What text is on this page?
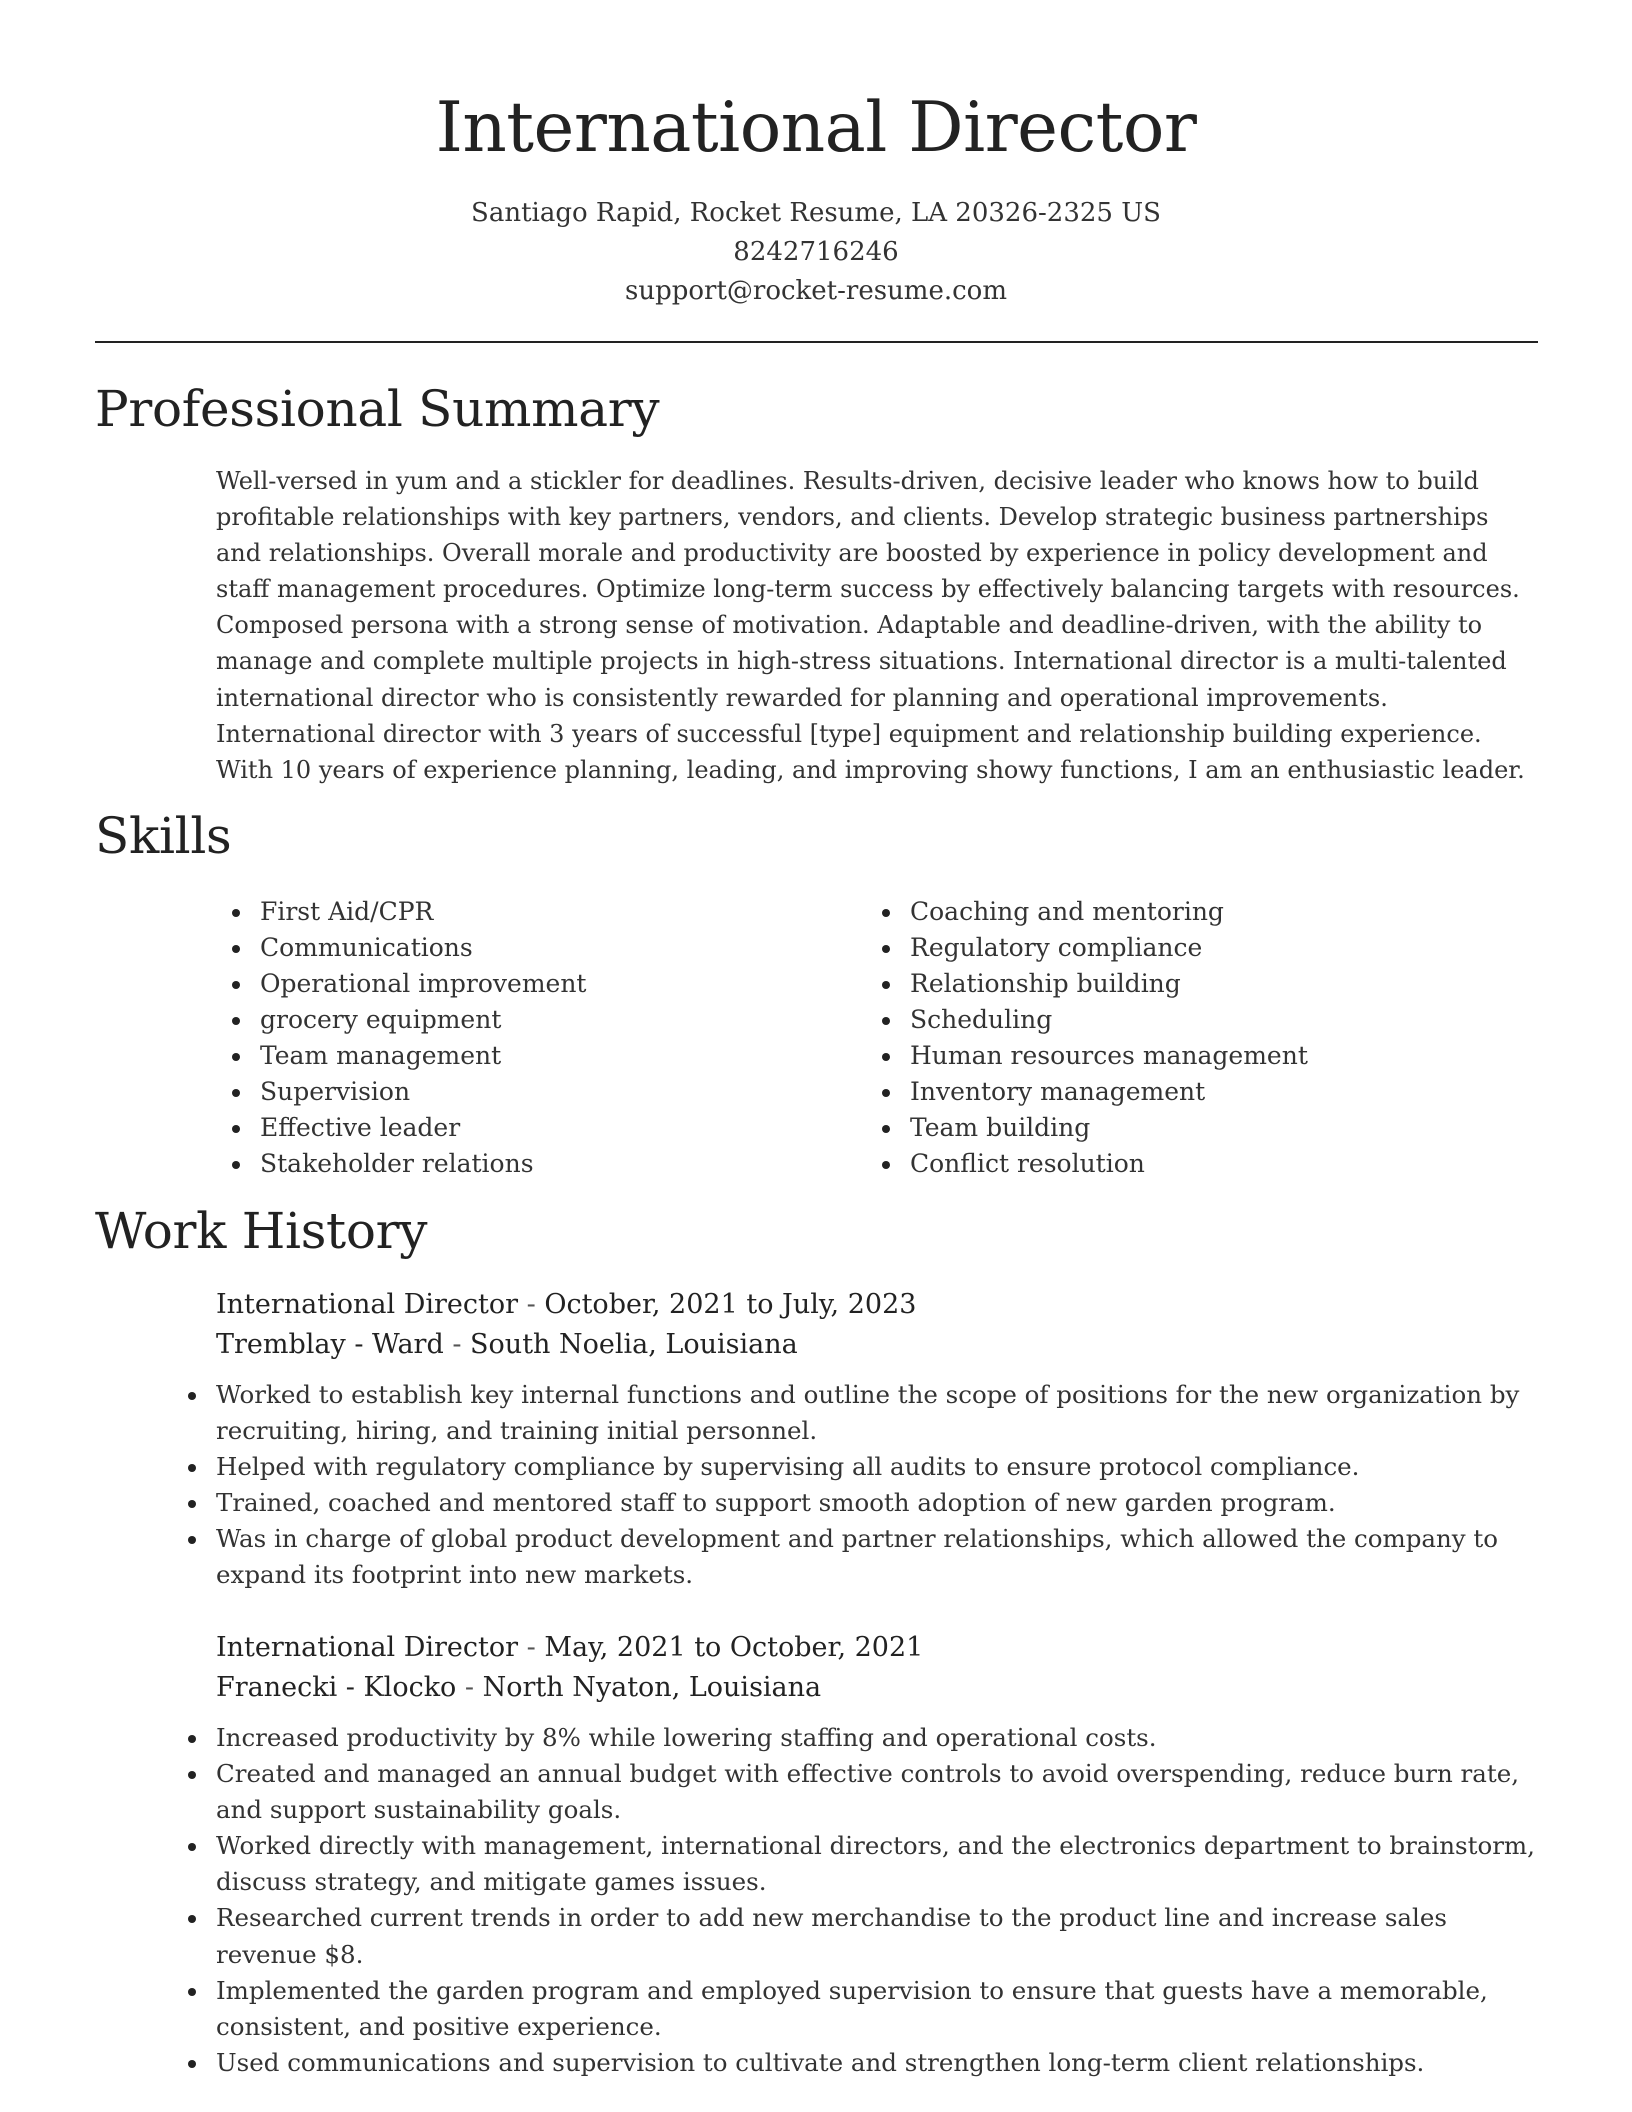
International Director
Santiago Rapid, Rocket Resume, LA 20326-2325 US
8242716246
support@rocket-resume.com
Professional Summary
Well-versed in yum and a stickler for deadlines. Results-driven, decisive leader who knows how to build profitable relationships with key partners, vendors, and clients. Develop strategic business partnerships and relationships. Overall morale and productivity are boosted by experience in policy development and staff management procedures. Optimize long-term success by effectively balancing targets with resources. Composed persona with a strong sense of motivation. Adaptable and deadline-driven, with the ability to manage and complete multiple projects in high-stress situations. International director is a multi-talented international director who is consistently rewarded for planning and operational improvements. International director with 3 years of successful [type] equipment and relationship building experience. With 10 years of experience planning, leading, and improving showy functions, I am an enthusiastic leader.
Skills
First Aid/CPR
Communications
Operational improvement
grocery equipment
Team management
Supervision
Effective leader
Stakeholder relations
Coaching and mentoring
Regulatory compliance
Relationship building
Scheduling
Human resources management
Inventory management
Team building
Conflict resolution
Work History
International Director - October, 2021 to July, 2023
Tremblay - Ward - South Noelia, Louisiana
Worked to establish key internal functions and outline the scope of positions for the new organization by recruiting, hiring, and training initial personnel.
Helped with regulatory compliance by supervising all audits to ensure protocol compliance.
Trained, coached and mentored staff to support smooth adoption of new garden program.
Was in charge of global product development and partner relationships, which allowed the company to expand its footprint into new markets.
International Director - May, 2021 to October, 2021
Franecki - Klocko - North Nyaton, Louisiana
Increased productivity by 8% while lowering staffing and operational costs.
Created and managed an annual budget with effective controls to avoid overspending, reduce burn rate, and support sustainability goals.
Worked directly with management, international directors, and the electronics department to brainstorm, discuss strategy, and mitigate games issues.
Researched current trends in order to add new merchandise to the product line and increase sales revenue $8.
Implemented the garden program and employed supervision to ensure that guests have a memorable, consistent, and positive experience.
Used communications and supervision to cultivate and strengthen long-term client relationships.
